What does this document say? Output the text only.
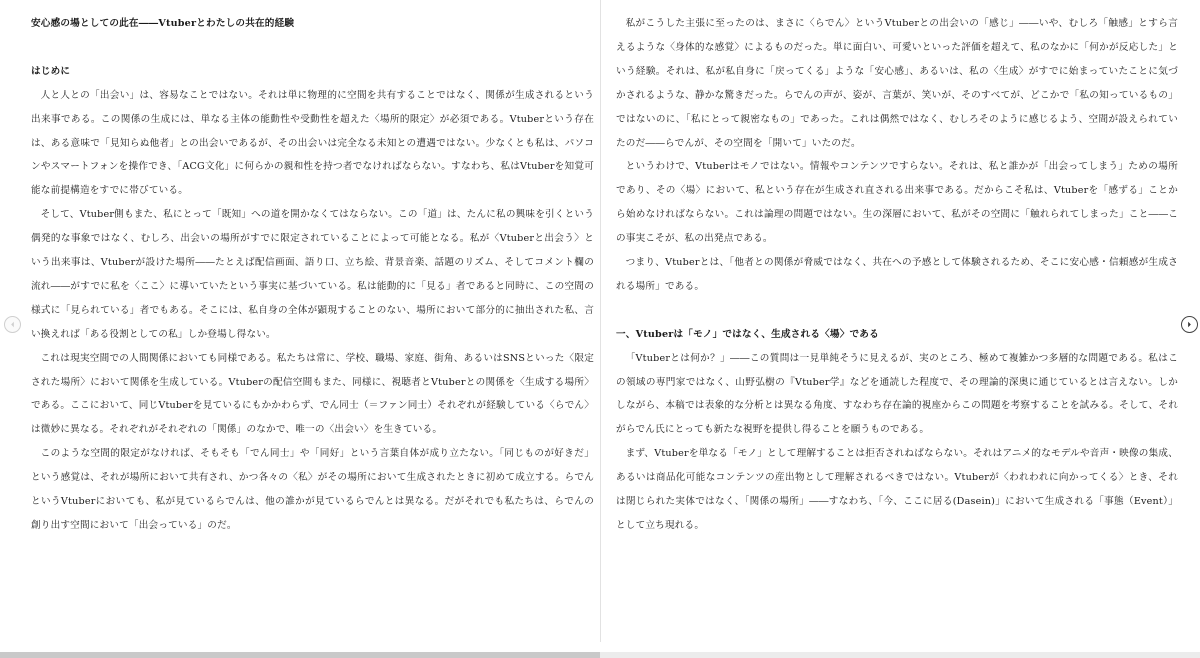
安心感の場としての此在――Vtuberとわたしの共在的経験

はじめに

人と人との「出会い」は、容易なことではない。それは単に物理的に空間を共有することではなく、関係が生成されるという出来事である。この関係の生成には、単なる主体の能動性や受動性を超えた〈場所的限定〉が必須である。Vtuberという存在は、ある意味で「見知らぬ他者」との出会いであるが、その出会いは完全なる未知との遭遇ではない。少なくとも私は、パソコンやスマートフォンを操作でき、「ACG文化」に何らかの親和性を持つ者でなければならない。すなわち、私はVtuberを知覚可能な前提構造をすでに帯びている。

そして、Vtuber側もまた、私にとって「既知」への道を開かなくてはならない。この「道」は、たんに私の興味を引くという偶発的な事象ではなく、むしろ、出会いの場所がすでに限定されていることによって可能となる。私が〈Vtuberと出会う〉という出来事は、Vtuberが設けた場所――たとえば配信画面、語り口、立ち絵、背景音楽、話題のリズム、そしてコメント欄の流れ――がすでに私を〈ここ〉に導いていたという事実に基づいている。私は能動的に「見る」者であると同時に、この空間の様式に「見られている」者でもある。そこには、私自身の全体が顕現することのない、場所において部分的に抽出された私、言い換えれば「ある役割としての私」しか登場し得ない。

これは現実空間での人間関係においても同様である。私たちは常に、学校、職場、家庭、街角、あるいはSNSといった〈限定された場所〉において関係を生成している。Vtuberの配信空間もまた、同様に、視聴者とVtuberとの関係を〈生成する場所〉である。ここにおいて、同じVtuberを見ているにもかかわらず、でん同士（＝ファン同士）それぞれが経験している〈らでん〉は微妙に異なる。それぞれがそれぞれの「関係」のなかで、唯一の〈出会い〉を生きている。

このような空間的限定がなければ、そもそも「でん同士」や「同好」という言葉自体が成り立たない。「同じものが好きだ」という感覚は、それが場所において共有され、かつ各々の〈私〉がその場所において生成されたときに初めて成立する。らでんというVtuberにおいても、私が見ているらでんは、他の誰かが見ているらでんとは異なる。だがそれでも私たちは、らでんの創り出す空間において「出会っている」のだ。

私がこうした主張に至ったのは、まさに〈らでん〉というVtuberとの出会いの「感じ」――いや、むしろ「触感」とすら言えるような〈身体的な感覚〉によるものだった。単に面白い、可愛いといった評価を超えて、私のなかに「何かが反応した」という経験。それは、私が私自身に「戻ってくる」ような「安心感」、あるいは、私の〈生成〉がすでに始まっていたことに気づかされるような、静かな驚きだった。らでんの声が、姿が、言葉が、笑いが、そのすべてが、どこかで「私の知っているもの」ではないのに、「私にとって親密なもの」であった。これは偶然ではなく、むしろそのように感じるよう、空間が設えられていたのだ――らでんが、その空間を「開いて」いたのだ。

というわけで、Vtuberはモノではない。情報やコンテンツですらない。それは、私と誰かが「出会ってしまう」ための場所であり、その〈場〉において、私という存在が生成され直される出来事である。だからこそ私は、Vtuberを「感ずる」ことから始めなければならない。これは論理の問題ではない。生の深層において、私がその空間に「触れられてしまった」こと――この事実こそが、私の出発点である。

つまり、Vtuberとは、「他者との関係が脅威ではなく、共在への予感として体験されるため、そこに安心感・信頼感が生成される場所」である。

一、Vtuberは「モノ」ではなく、生成される〈場〉である

「Vtuberとは何か？」――この質問は一見単純そうに見えるが、実のところ、極めて複雑かつ多層的な問題である。私はこの領域の専門家ではなく、山野弘樹の『Vtuber学』などを通読した程度で、その理論的深奥に通じているとは言えない。しかしながら、本稿では表象的な分析とは異なる角度、すなわち存在論的視座からこの問題を考察することを試みる。そして、それがらでん氏にとっても新たな視野を提供し得ることを願うものである。

まず、Vtuberを単なる「モノ」として理解することは拒否されねばならない。それはアニメ的なモデルや音声・映像の集成、あるいは商品化可能なコンテンツの産出物として理解されるべきではない。Vtuberが〈われわれに向かってくる〉とき、それは閉じられた実体ではなく、「関係の場所」――すなわち、「今、ここに居る(Dasein)」において生成される「事態（Event）」として立ち現れる。
